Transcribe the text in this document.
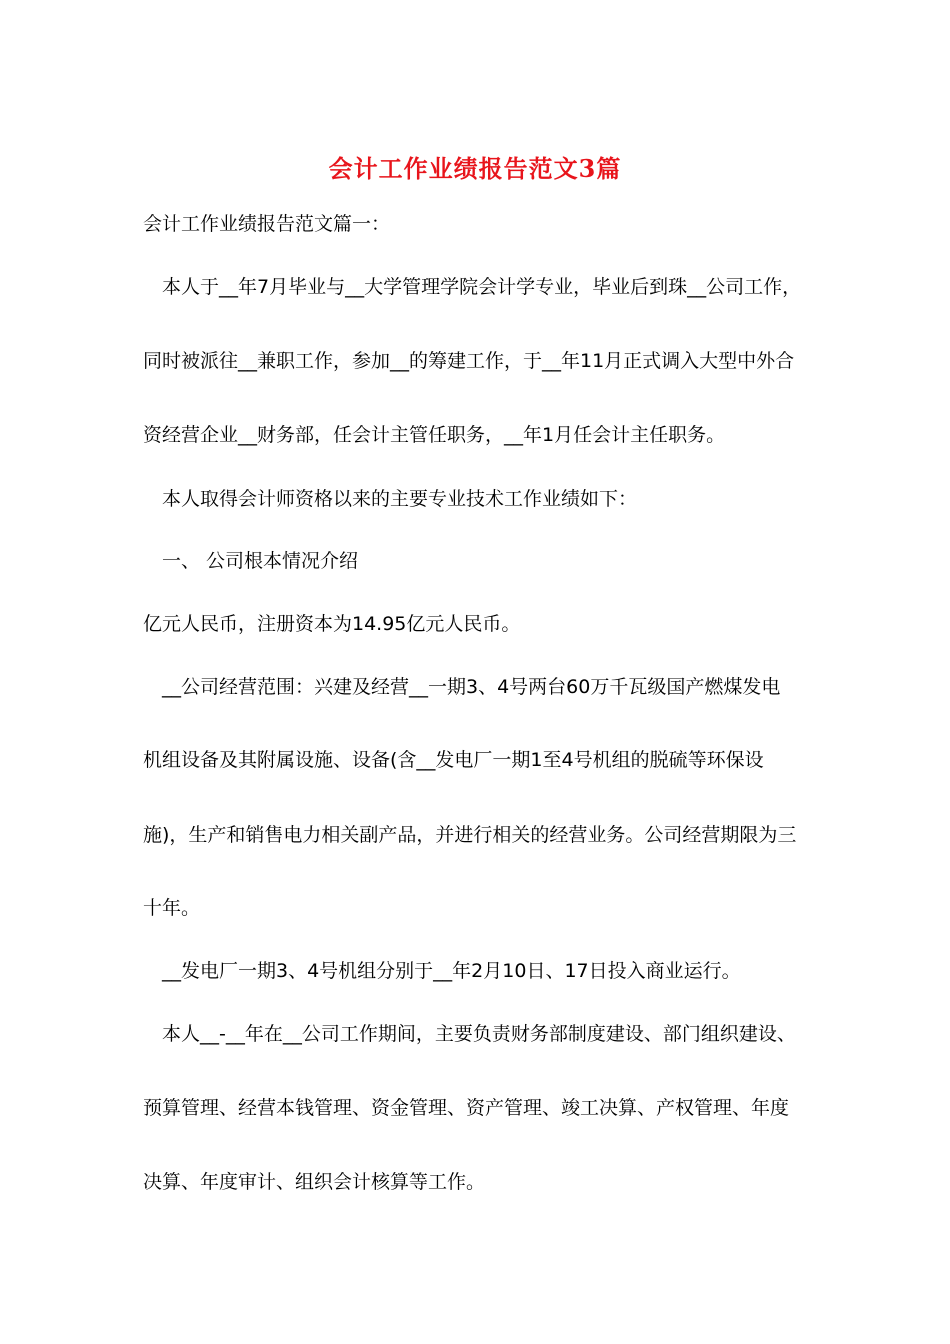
会计工作业绩报告范文3篇
会计工作业绩报告范文篇一：
本人于__年7月毕业与__大学管理学院会计学专业，毕业后到珠__公司工作，
同时被派往__兼职工作，参加__的筹建工作，于__年11月正式调入大型中外合
资经营企业__财务部，任会计主管任职务，__年1月任会计主任职务。
本人取得会计师资格以来的主要专业技术工作业绩如下：
一、 公司根本情况介绍
亿元人民币，注册资本为14.95亿元人民币。
__公司经营范围：兴建及经营__一期3、4号两台60万千瓦级国产燃煤发电
机组设备及其附属设施、设备(含__发电厂一期1至4号机组的脱硫等环保设
施)，生产和销售电力相关副产品，并进行相关的经营业务。公司经营期限为三
十年。
__发电厂一期3、4号机组分别于__年2月10日、17日投入商业运行。
本人__-__年在__公司工作期间，主要负责财务部制度建设、部门组织建设、
预算管理、经营本钱管理、资金管理、资产管理、竣工决算、产权管理、年度
决算、年度审计、组织会计核算等工作。
